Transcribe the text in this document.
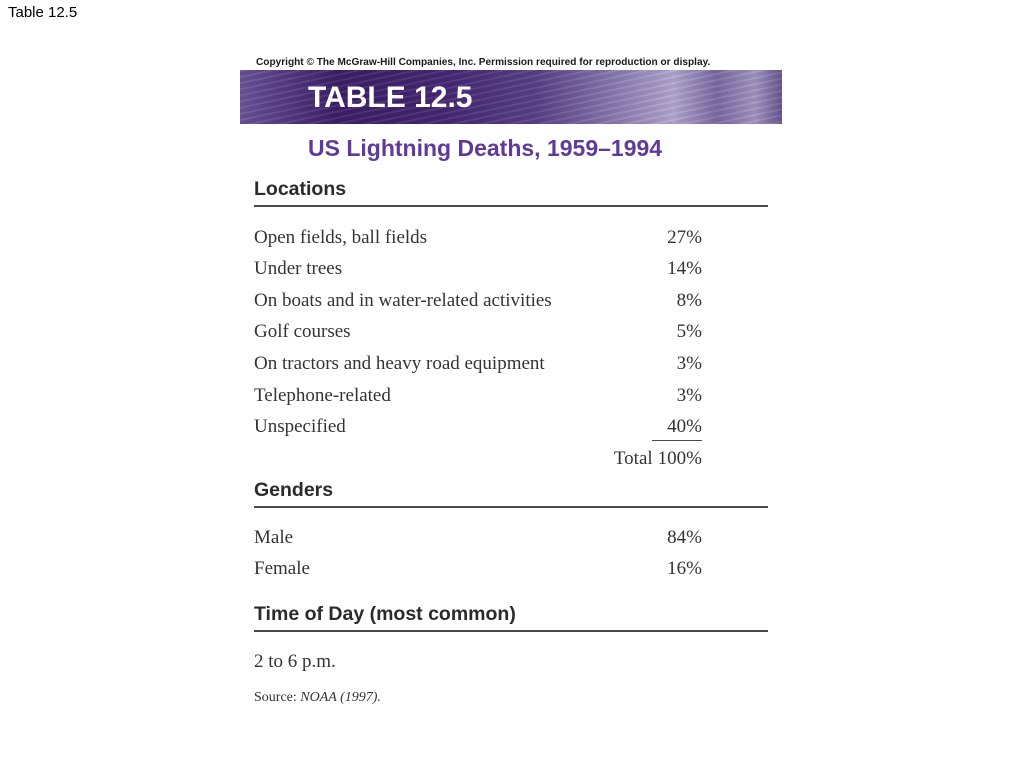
Table 12.5
Copyright © The McGraw-Hill Companies, Inc. Permission required for reproduction or display.
TABLE 12.5
US Lightning Deaths, 1959–1994
Locations
Open fields, ball fields	27%
Under trees	14%
On boats and in water-related activities	8%
Golf courses	5%
On tractors and heavy road equipment	3%
Telephone-related	3%
Unspecified	40%
Total 100%
Genders
Male	84%
Female	16%
Time of Day (most common)
2 to 6 p.m.
Source: NOAA (1997).
